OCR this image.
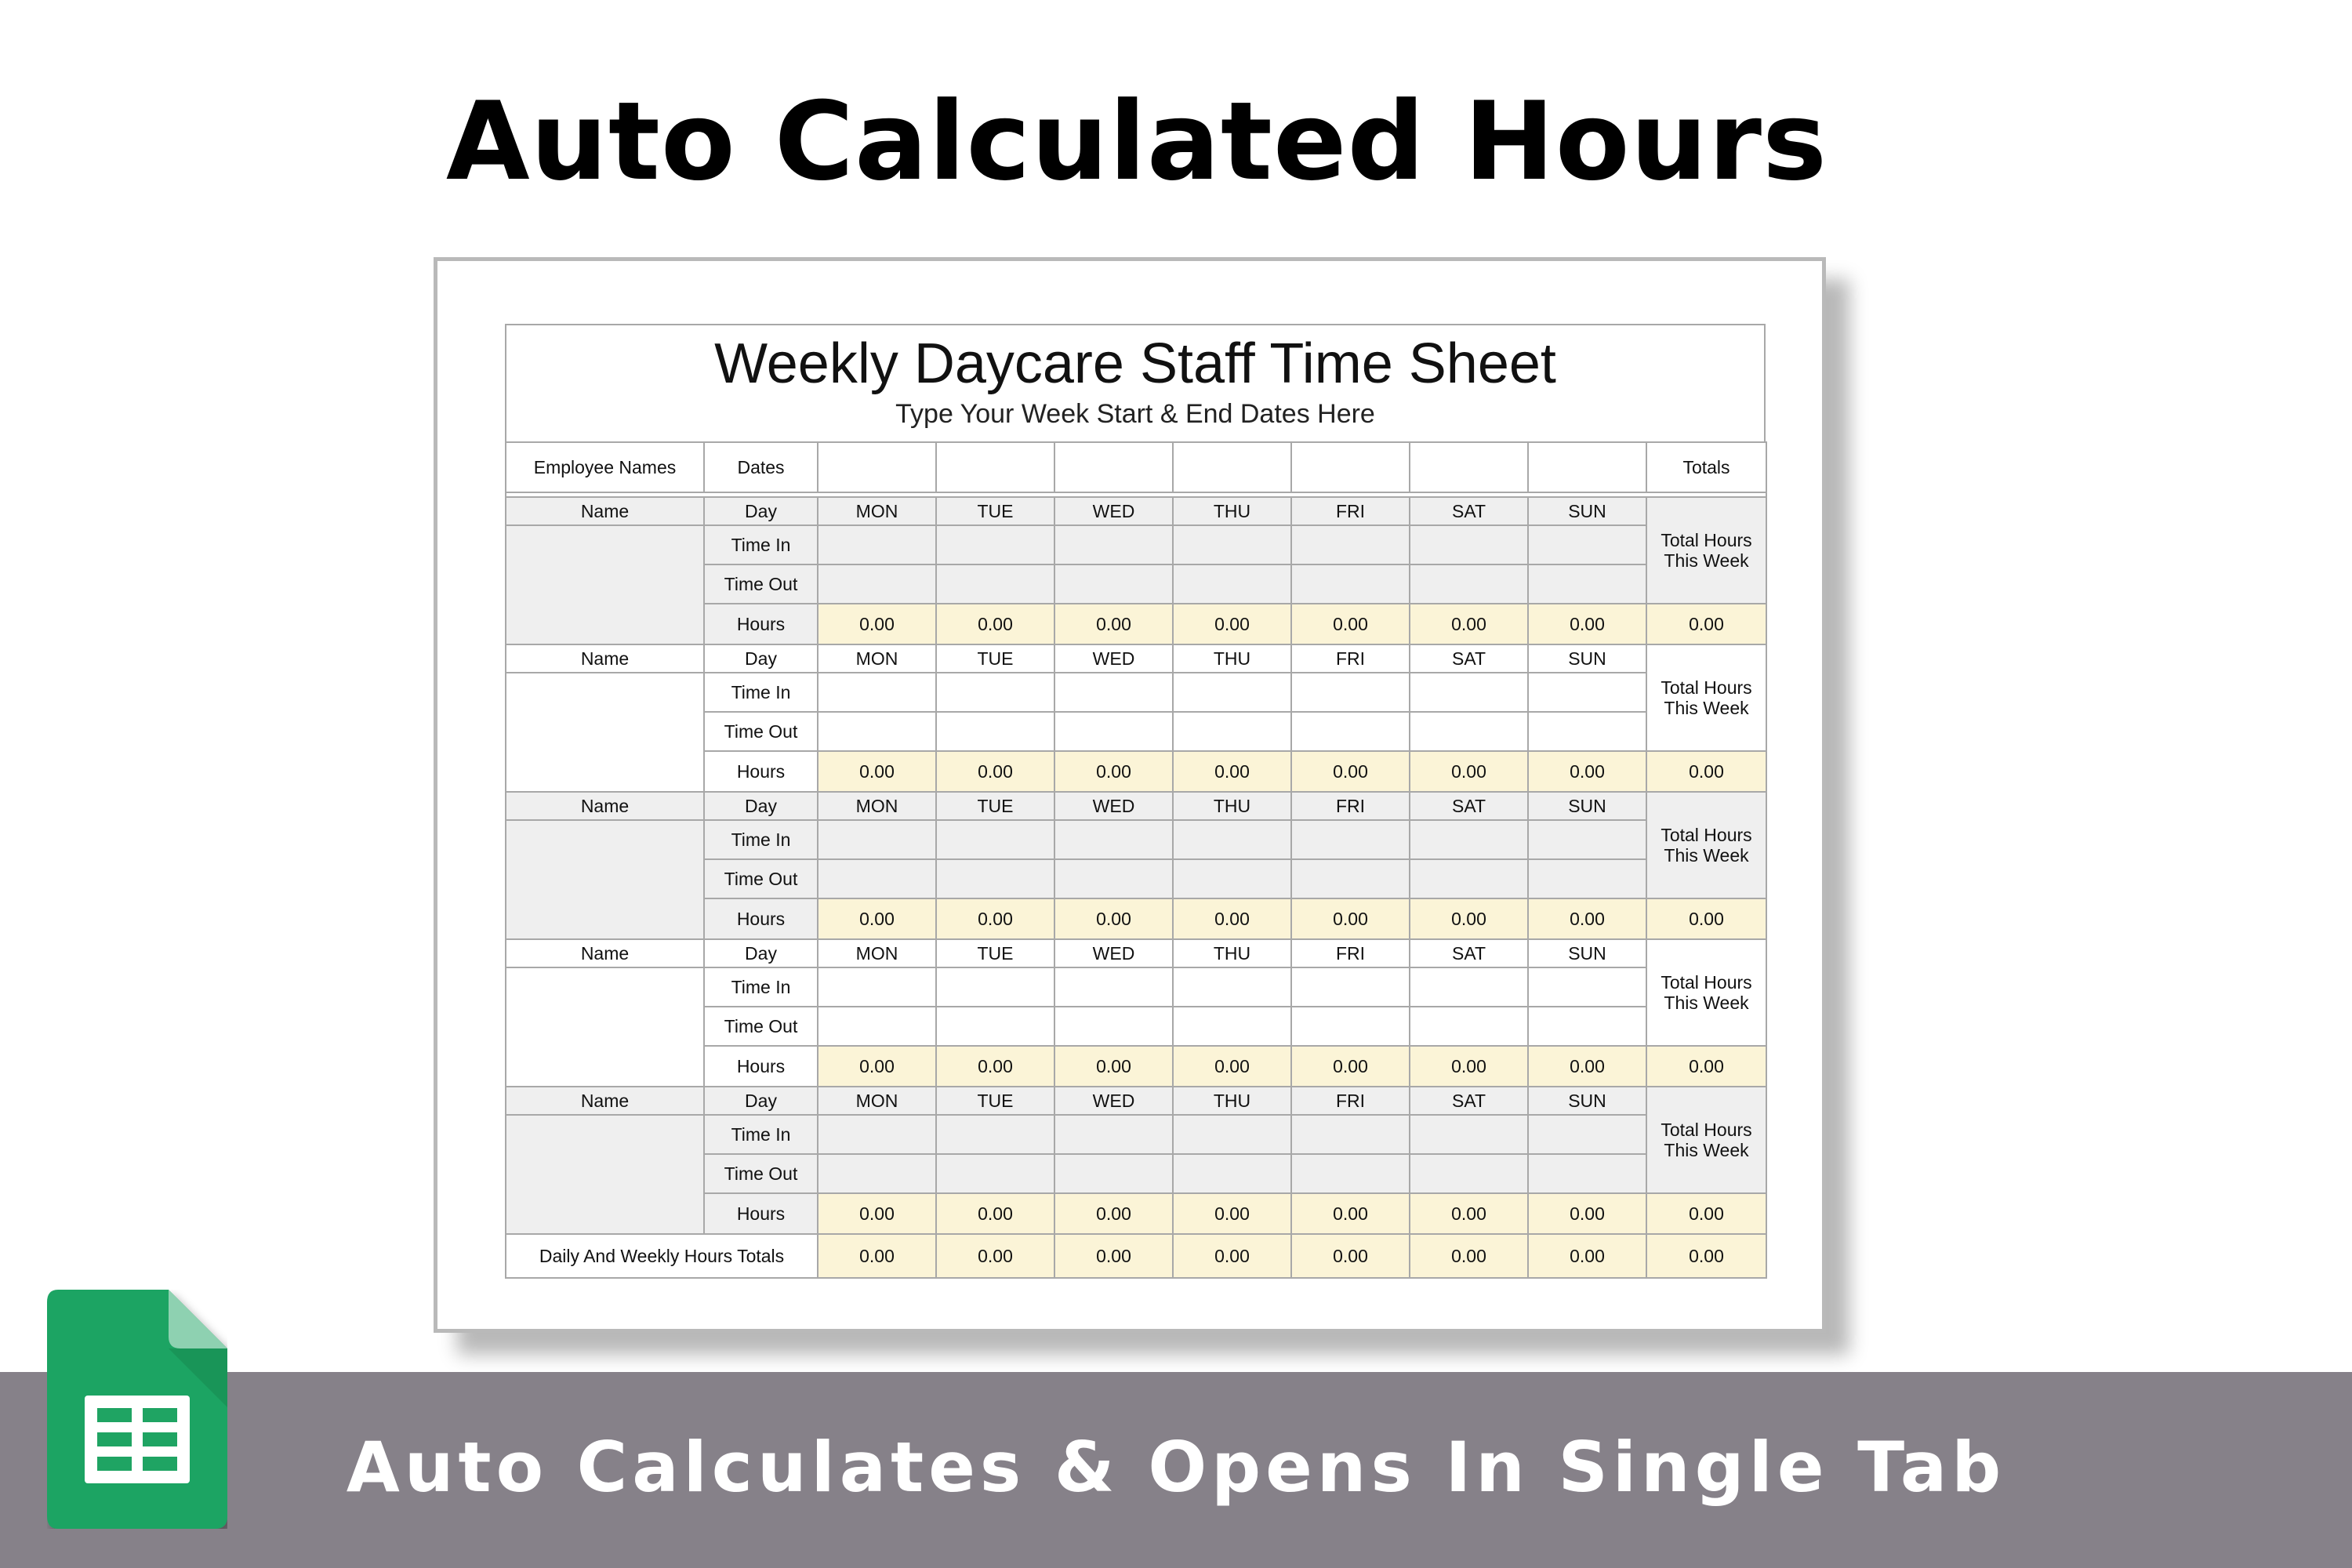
Auto Calculated Hours
Weekly Daycare Staff Time Sheet
Type Your Week Start & End Dates Here
Employee Names	Dates								Totals

Name	Day	MON	TUE	WED	THU	FRI	SAT	SUN	Total Hours
This Week
	Time In								
	Time Out								
	Hours	0.00	0.00	0.00	0.00	0.00	0.00	0.00	0.00
Name	Day	MON	TUE	WED	THU	FRI	SAT	SUN	Total Hours
This Week
	Time In								
	Time Out								
	Hours	0.00	0.00	0.00	0.00	0.00	0.00	0.00	0.00
Name	Day	MON	TUE	WED	THU	FRI	SAT	SUN	Total Hours
This Week
	Time In								
	Time Out								
	Hours	0.00	0.00	0.00	0.00	0.00	0.00	0.00	0.00
Name	Day	MON	TUE	WED	THU	FRI	SAT	SUN	Total Hours
This Week
	Time In								
	Time Out								
	Hours	0.00	0.00	0.00	0.00	0.00	0.00	0.00	0.00
Name	Day	MON	TUE	WED	THU	FRI	SAT	SUN	Total Hours
This Week
	Time In								
	Time Out								
	Hours	0.00	0.00	0.00	0.00	0.00	0.00	0.00	0.00
Daily And Weekly Hours Totals		0.00	0.00	0.00	0.00	0.00	0.00	0.00	0.00
Auto Calculates & Opens In Single Tab
